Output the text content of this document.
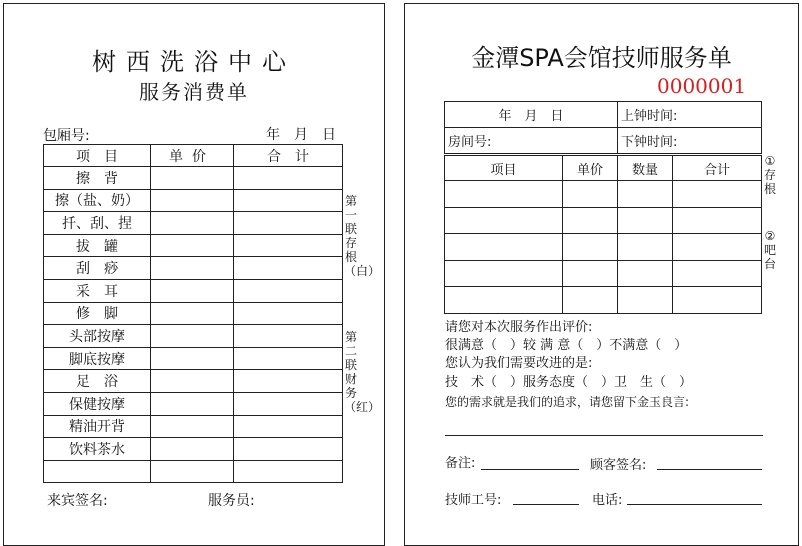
树西洗浴中心
服务消费单
包厢号:	年　月　日
项　目	单价	合　计
擦　背		
擦（盐、奶）		
扦、刮、捏		
拔　罐		
刮　痧		
采　耳		
修　脚		
头部按摩		
脚底按摩		
足　浴		
保健按摩		
精油开背		
饮料茶水		

第一联存根（白）
第二联财务（红）
来宾签名:	服务员:
金潭SPA会馆技师服务单
0000001
年　月　日	上钟时间:
房间号:	下钟时间:
项目	单价	数量	合计

①存根
②吧台
请您对本次服务作出评价:
很满意（　）较 满 意（　）不满意（　）
您认为我们需要改进的是:
技　术（　）服务态度（　）卫　生（　）
您的需求就是我们的追求，请您留下金玉良言:
备注:	顾客签名:
技师工号:	电话:
